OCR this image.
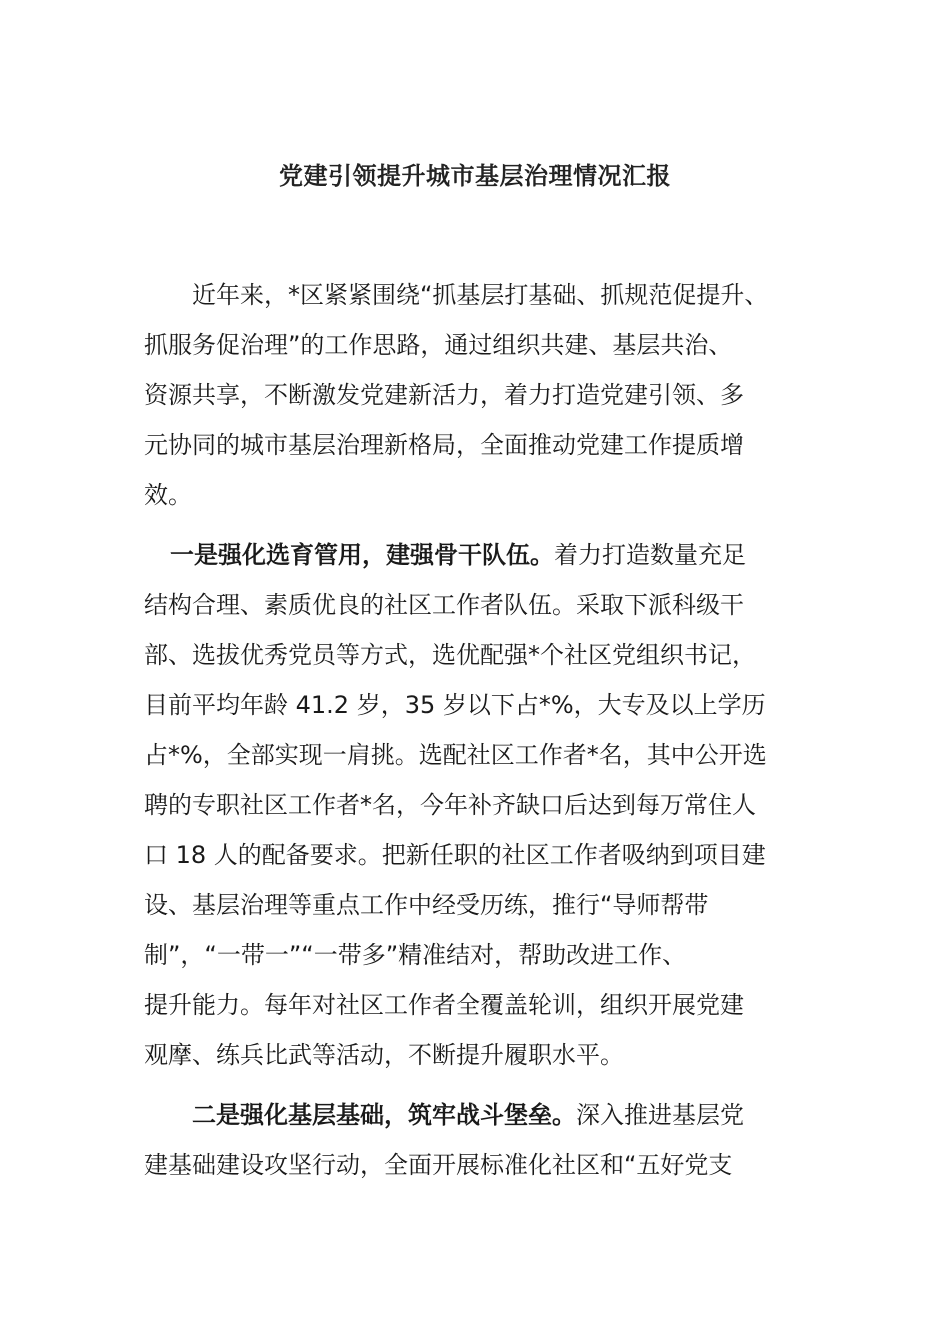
党建引领提升城市基层治理情况汇报
近年来，*区紧紧围绕“抓基层打基础、抓规范促提升、
抓服务促治理”的工作思路，通过组织共建、基层共治、
资源共享，不断激发党建新活力，着力打造党建引领、多
元协同的城市基层治理新格局，全面推动党建工作提质增
效。
一是强化选育管用，建强骨干队伍。着力打造数量充足
结构合理、素质优良的社区工作者队伍。采取下派科级干
部、选拔优秀党员等方式，选优配强*个社区党组织书记，
目前平均年龄 41.2 岁，35 岁以下占*%，大专及以上学历
占*%，全部实现一肩挑。选配社区工作者*名，其中公开选
聘的专职社区工作者*名，今年补齐缺口后达到每万常住人
口 18 人的配备要求。把新任职的社区工作者吸纳到项目建
设、基层治理等重点工作中经受历练，推行“导师帮带
制”，“一带一”“一带多”精准结对，帮助改进工作、
提升能力。每年对社区工作者全覆盖轮训，组织开展党建
观摩、练兵比武等活动，不断提升履职水平。
二是强化基层基础，筑牢战斗堡垒。深入推进基层党
建基础建设攻坚行动，全面开展标准化社区和“五好党支
